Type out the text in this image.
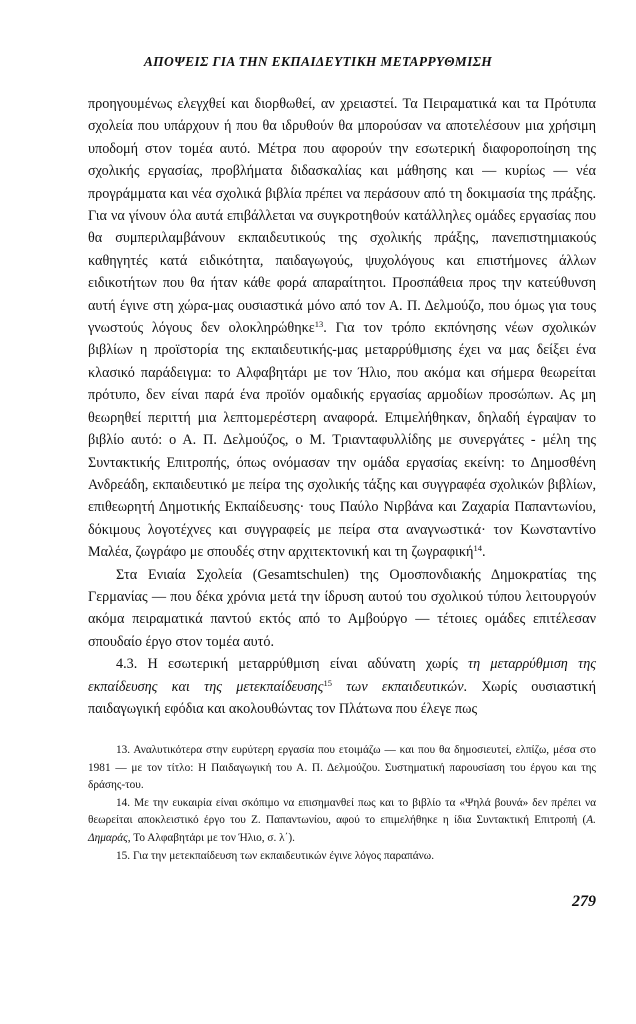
ΑΠΟΨΕΙΣ ΓΙΑ ΤΗΝ ΕΚΠΑΙΔΕΥΤΙΚΗ ΜΕΤΑΡΡΥΘΜΙΣΗ

προηγουμένως ελεγχθεί και διορθωθεί, αν χρειαστεί. Τα Πειραματικά και τα Πρότυπα σχολεία που υπάρχουν ή που θα ιδρυθούν θα μπορούσαν να αποτελέσουν μια χρήσιμη υποδομή στον τομέα αυτό. Μέτρα που αφορούν την εσωτερική διαφοροποίηση της σχολικής εργασίας, προβλήματα διδασκαλίας και μάθησης και — κυρίως — νέα προγράμματα και νέα σχολικά βιβλία πρέπει να περάσουν από τη δοκιμασία της πράξης. Για να γίνουν όλα αυτά επιβάλλεται να συγκροτηθούν κατάλληλες ομάδες εργασίας που θα συμπεριλαμβάνουν εκπαιδευτικούς της σχολικής πράξης, πανεπιστημιακούς καθηγητές κατά ειδικότητα, παιδαγωγούς, ψυχολόγους και επιστήμονες άλλων ειδικοτήτων που θα ήταν κάθε φορά απαραίτητοι. Προσπάθεια προς την κατεύθυνση αυτή έγινε στη χώρα-μας ουσιαστικά μόνο από τον Α. Π. Δελμούζο, που όμως για τους γνωστούς λόγους δεν ολοκληρώθηκε$^{13}$. Για τον τρόπο εκπόνησης νέων σχολικών βιβλίων η προϊστορία της εκπαιδευτικής-μας μεταρρύθμισης έχει να μας δείξει ένα κλασικό παράδειγμα: το Αλφαβητάρι με τον Ήλιο, που ακόμα και σήμερα θεωρείται πρότυπο, δεν είναι παρά ένα προϊόν ομαδικής εργασίας αρμοδίων προσώπων. Ας μη θεωρηθεί περιττή μια λεπτομερέστερη αναφορά. Επιμελήθηκαν, δηλαδή έγραψαν το βιβλίο αυτό: ο Α. Π. Δελμούζος, ο Μ. Τριανταφυλλίδης με συνεργάτες - μέλη της Συντακτικής Επιτροπής, όπως ονόμασαν την ομάδα εργασίας εκείνη: το Δημοσθένη Ανδρεάδη, εκπαιδευτικό με πείρα της σχολικής τάξης και συγγραφέα σχολικών βιβλίων, επιθεωρητή Δημοτικής Εκπαίδευσης· τους Παύλο Νιρβάνα και Ζαχαρία Παπαντωνίου, δόκιμους λογοτέχνες και συγγραφείς με πείρα στα αναγνωστικά· τον Κωνσταντίνο Μαλέα, ζωγράφο με σπουδές στην αρχιτεκτονική και τη ζωγραφική$^{14}$.

Στα Ενιαία Σχολεία (Gesamtschulen) της Ομοσπονδιακής Δημοκρατίας της Γερμανίας — που δέκα χρόνια μετά την ίδρυση αυτού του σχολικού τύπου λειτουργούν ακόμα πειραματικά παντού εκτός από το Αμβούργο — τέτοιες ομάδες επιτέλεσαν σπουδαίο έργο στον τομέα αυτό.

4.3. Η εσωτερική μεταρρύθμιση είναι αδύνατη χωρίς τη μεταρρύθμιση της εκπαίδευσης και της μετεκπαίδευσης$^{15}$ των εκπαιδευτικών. Χωρίς ουσιαστική παιδαγωγική εφόδια και ακολουθώντας τον Πλάτωνα που έλεγε πως

13. Αναλυτικότερα στην ευρύτερη εργασία που ετοιμάζω — και που θα δημοσιευτεί, ελπίζω, μέσα στο 1981 — με τον τίτλο: Η Παιδαγωγική του Α. Π. Δελμούζου. Συστηματική παρουσίαση του έργου και της δράσης-του.

14. Με την ευκαιρία είναι σκόπιμο να επισημανθεί πως και το βιβλίο τα «Ψηλά βουνά» δεν πρέπει να θεωρείται αποκλειστικό έργο του Ζ. Παπαντωνίου, αφού το επιμελήθηκε η ίδια Συντακτική Επιτροπή (Α. Δημαράς, Το Αλφαβητάρι με τον Ήλιο, σ. λ΄).

15. Για την μετεκπαίδευση των εκπαιδευτικών έγινε λόγος παραπάνω.

279
